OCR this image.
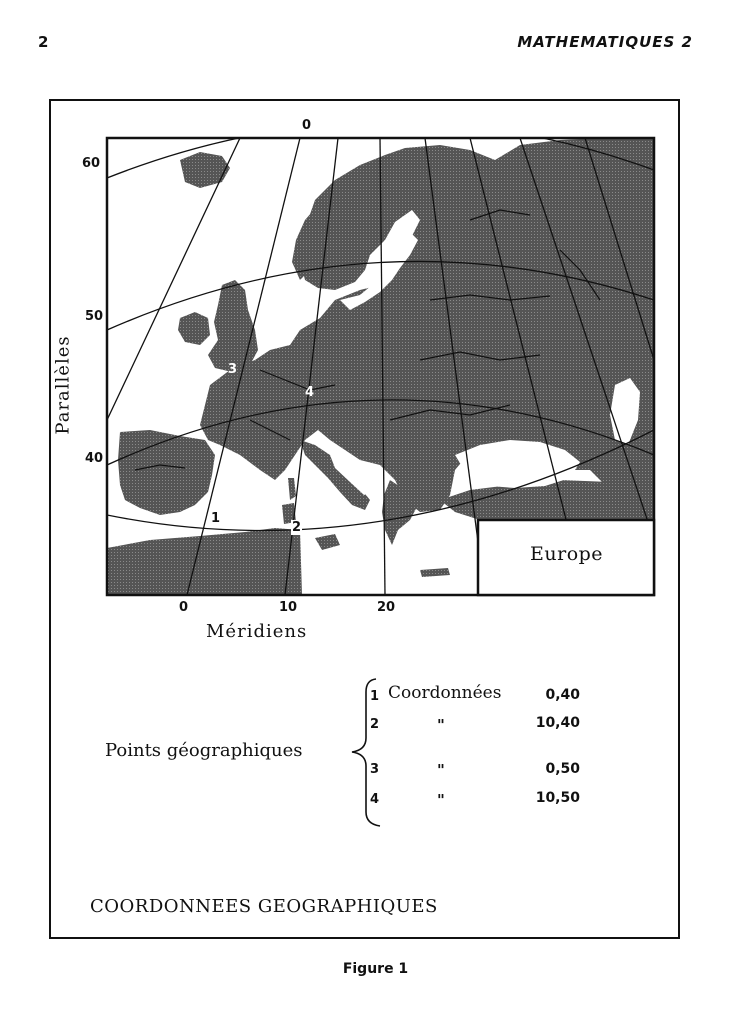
2	MATHEMATIQUES 2
Parallèles
Méridiens
Europe
0
60
50
40
0	10	20
1
2
3
4
Points géographiques
Coordonnées
1	0,40
2	"	10,40
3	"	0,50
4	"	10,50
COORDONNEES GEOGRAPHIQUES
Figure 1
